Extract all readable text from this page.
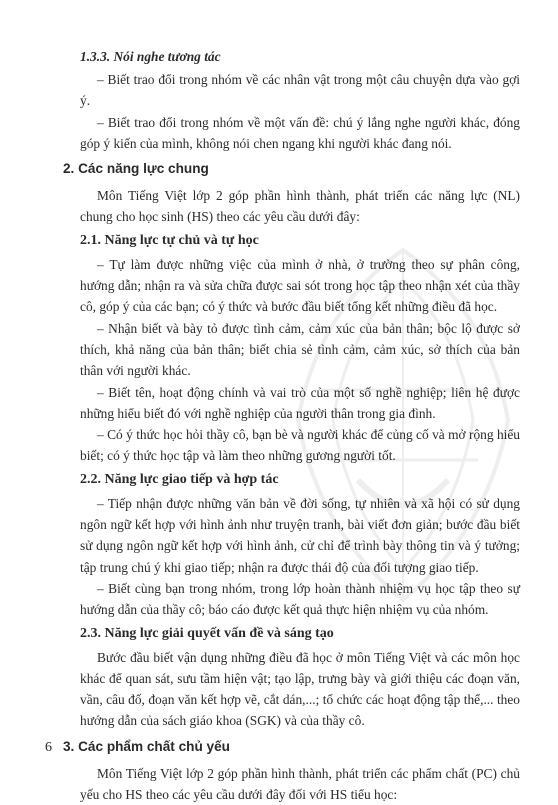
1.3.3. Nói nghe tương tác

– Biết trao đổi trong nhóm về các nhân vật trong một câu chuyện dựa vào gợi ý.

– Biết trao đổi trong nhóm về một vấn đề: chú ý lắng nghe người khác, đóng góp ý kiến của mình, không nói chen ngang khi người khác đang nói.

2. Các năng lực chung

Môn Tiếng Việt lớp 2 góp phần hình thành, phát triển các năng lực (NL) chung cho học sinh (HS) theo các yêu cầu dưới đây:

2.1. Năng lực tự chủ và tự học

– Tự làm được những việc của mình ở nhà, ở trường theo sự phân công, hướng dẫn; nhận ra và sửa chữa được sai sót trong học tập theo nhận xét của thầy cô, góp ý của các bạn; có ý thức và bước đầu biết tổng kết những điều đã học.

– Nhận biết và bày tỏ được tình cảm, cảm xúc của bản thân; bộc lộ được sở thích, khả năng của bản thân; biết chia sẻ tình cảm, cảm xúc, sở thích của bản thân với người khác.

– Biết tên, hoạt động chính và vai trò của một số nghề nghiệp; liên hệ được những hiểu biết đó với nghề nghiệp của người thân trong gia đình.

– Có ý thức học hỏi thầy cô, bạn bè và người khác để củng cố và mở rộng hiểu biết; có ý thức học tập và làm theo những gương người tốt.

2.2. Năng lực giao tiếp và hợp tác

– Tiếp nhận được những văn bản về đời sống, tự nhiên và xã hội có sử dụng ngôn ngữ kết hợp với hình ảnh như truyện tranh, bài viết đơn giản; bước đầu biết sử dụng ngôn ngữ kết hợp với hình ảnh, cử chỉ để trình bày thông tin và ý tưởng; tập trung chú ý khi giao tiếp; nhận ra được thái độ của đối tượng giao tiếp.

– Biết cùng bạn trong nhóm, trong lớp hoàn thành nhiệm vụ học tập theo sự hướng dẫn của thầy cô; báo cáo được kết quả thực hiện nhiệm vụ của nhóm.

2.3. Năng lực giải quyết vấn đề và sáng tạo

Bước đầu biết vận dụng những điều đã học ở môn Tiếng Việt và các môn học khác để quan sát, sưu tầm hiện vật; tạo lập, trưng bày và giới thiệu các đoạn văn, vần, câu đố, đoạn văn kết hợp vẽ, cắt dán,...; tổ chức các hoạt động tập thể,... theo hướng dẫn của sách giáo khoa (SGK) và của thầy cô.

3. Các phẩm chất chủ yếu

Môn Tiếng Việt lớp 2 góp phần hình thành, phát triển các phẩm chất (PC) chủ yếu cho HS theo các yêu cầu dưới đây đối với HS tiểu học:

6
